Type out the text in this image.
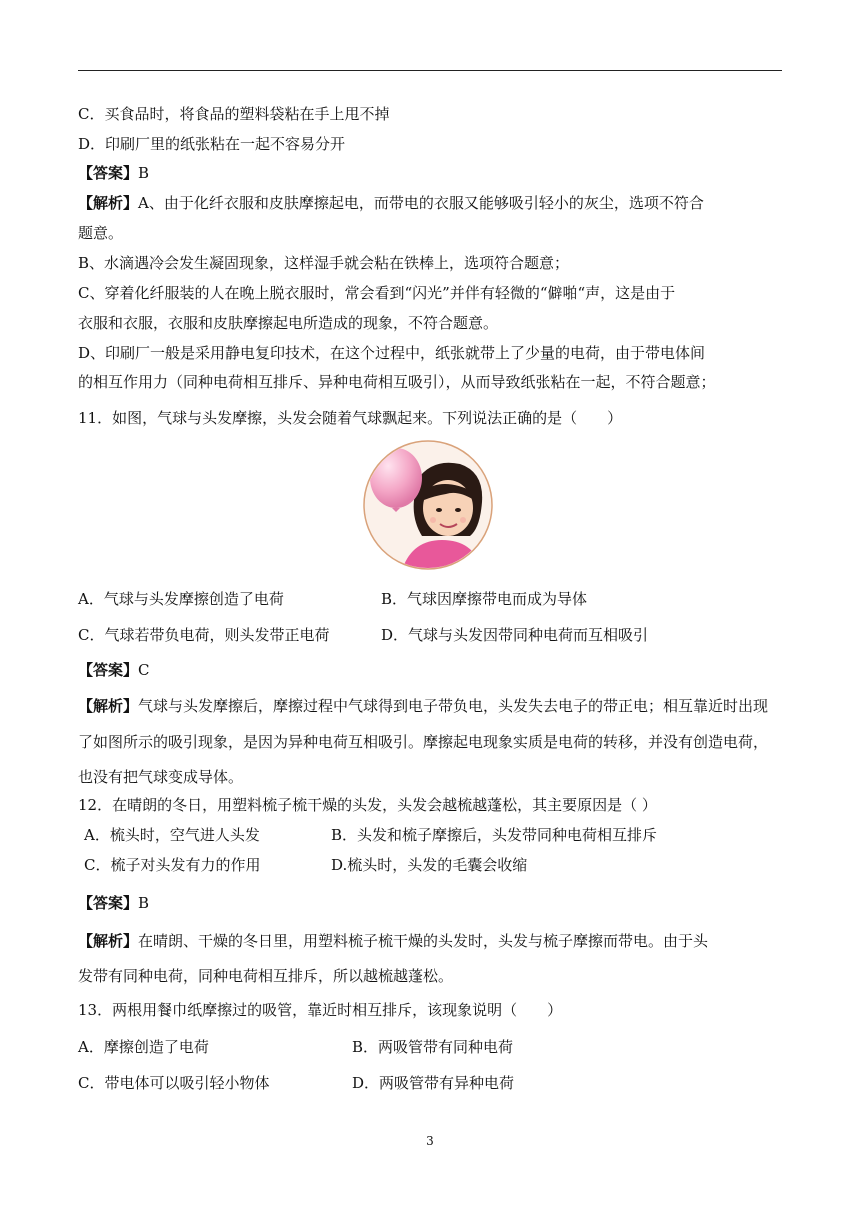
C．买食品时，将食品的塑料袋粘在手上甩不掉
D．印刷厂里的纸张粘在一起不容易分开
【答案】B
【解析】A、由于化纤衣服和皮肤摩擦起电，而带电的衣服又能够吸引轻小的灰尘，选项不符合
题意。
B、水滴遇冷会发生凝固现象，这样湿手就会粘在铁棒上，选项符合题意；
C、穿着化纤服装的人在晚上脱衣服时，常会看到“闪光”并伴有轻微的“僻啪“声，这是由于
衣服和衣服，衣服和皮肤摩擦起电所造成的现象，不符合题意。
D、印刷厂一般是采用静电复印技术，在这个过程中，纸张就带上了少量的电荷，由于带电体间
的相互作用力（同种电荷相互排斥、异种电荷相互吸引），从而导致纸张粘在一起，不符合题意；
11．如图，气球与头发摩擦，头发会随着气球飘起来。下列说法正确的是（　　）
A．气球与头发摩擦创造了电荷	B．气球因摩擦带电而成为导体
C．气球若带负电荷，则头发带正电荷	D．气球与头发因带同种电荷而互相吸引
【答案】C
【解析】气球与头发摩擦后，摩擦过程中气球得到电子带负电，头发失去电子的带正电；相互靠近时出现
了如图所示的吸引现象，是因为异种电荷互相吸引。摩擦起电现象实质是电荷的转移，并没有创造电荷，
也没有把气球变成导体。
12．在晴朗的冬日，用塑料梳子梳干燥的头发，头发会越梳越蓬松，其主要原因是（ ）
A．梳头时，空气进人头发	B．头发和梳子摩擦后，头发带同种电荷相互排斥
C．梳子对头发有力的作用	D.梳头时，头发的毛囊会收缩
【答案】B
【解析】在晴朗、干燥的冬日里，用塑料梳子梳干燥的头发时，头发与梳子摩擦而带电。由于头
发带有同种电荷，同种电荷相互排斥，所以越梳越蓬松。
13．两根用餐巾纸摩擦过的吸管，靠近时相互排斥，该现象说明（　　）
A．摩擦创造了电荷	B．两吸管带有同种电荷
C．带电体可以吸引轻小物体	D．两吸管带有异种电荷
3
